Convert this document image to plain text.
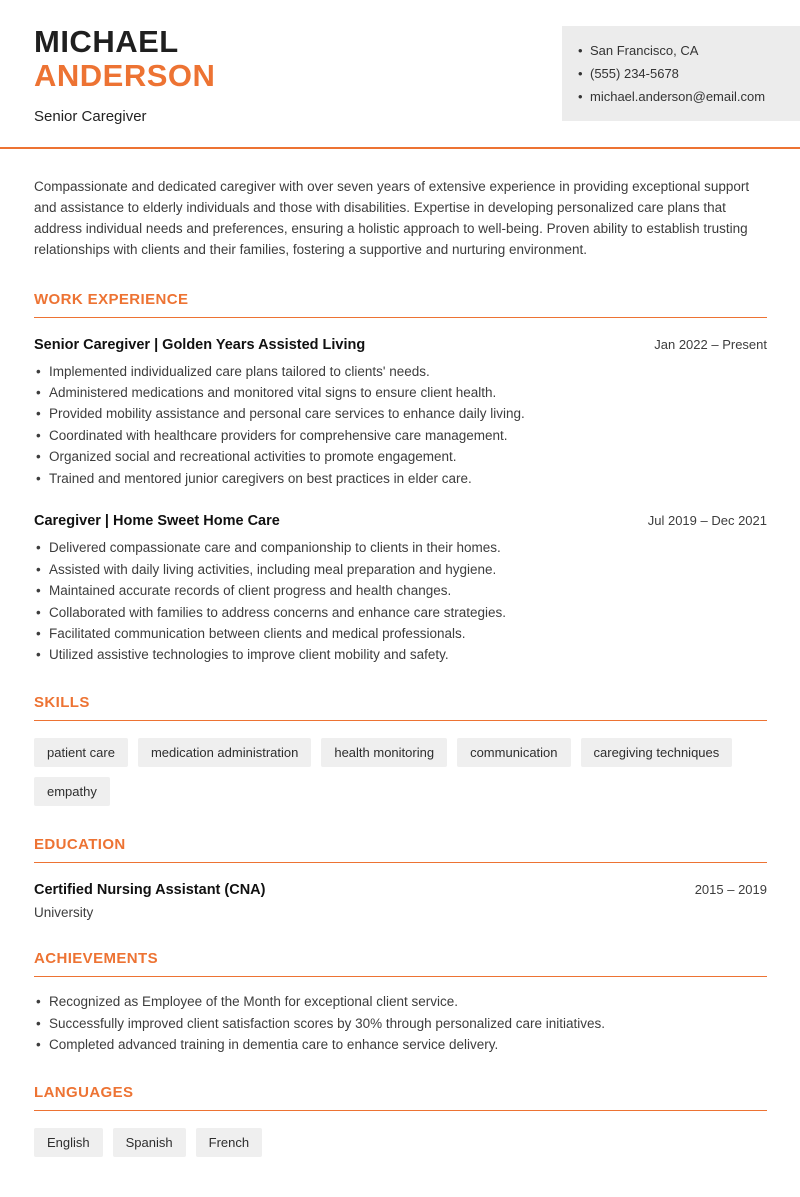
MICHAEL
ANDERSON
Senior Caregiver
• San Francisco, CA
• (555) 234-5678
• michael.anderson@email.com

Compassionate and dedicated caregiver with over seven years of extensive experience in providing exceptional support and assistance to elderly individuals and those with disabilities. Expertise in developing personalized care plans that address individual needs and preferences, ensuring a holistic approach to well-being. Proven ability to establish trusting relationships with clients and their families, fostering a supportive and nurturing environment.

WORK EXPERIENCE
Senior Caregiver | Golden Years Assisted Living	Jan 2022 – Present
• Implemented individualized care plans tailored to clients' needs.
• Administered medications and monitored vital signs to ensure client health.
• Provided mobility assistance and personal care services to enhance daily living.
• Coordinated with healthcare providers for comprehensive care management.
• Organized social and recreational activities to promote engagement.
• Trained and mentored junior caregivers on best practices in elder care.
Caregiver | Home Sweet Home Care	Jul 2019 – Dec 2021
• Delivered compassionate care and companionship to clients in their homes.
• Assisted with daily living activities, including meal preparation and hygiene.
• Maintained accurate records of client progress and health changes.
• Collaborated with families to address concerns and enhance care strategies.
• Facilitated communication between clients and medical professionals.
• Utilized assistive technologies to improve client mobility and safety.
SKILLS
patient care	medication administration	health monitoring	communication	caregiving techniques
empathy
EDUCATION
Certified Nursing Assistant (CNA)	2015 – 2019
University
ACHIEVEMENTS
• Recognized as Employee of the Month for exceptional client service.
• Successfully improved client satisfaction scores by 30% through personalized care initiatives.
• Completed advanced training in dementia care to enhance service delivery.
LANGUAGES
English	Spanish	French
